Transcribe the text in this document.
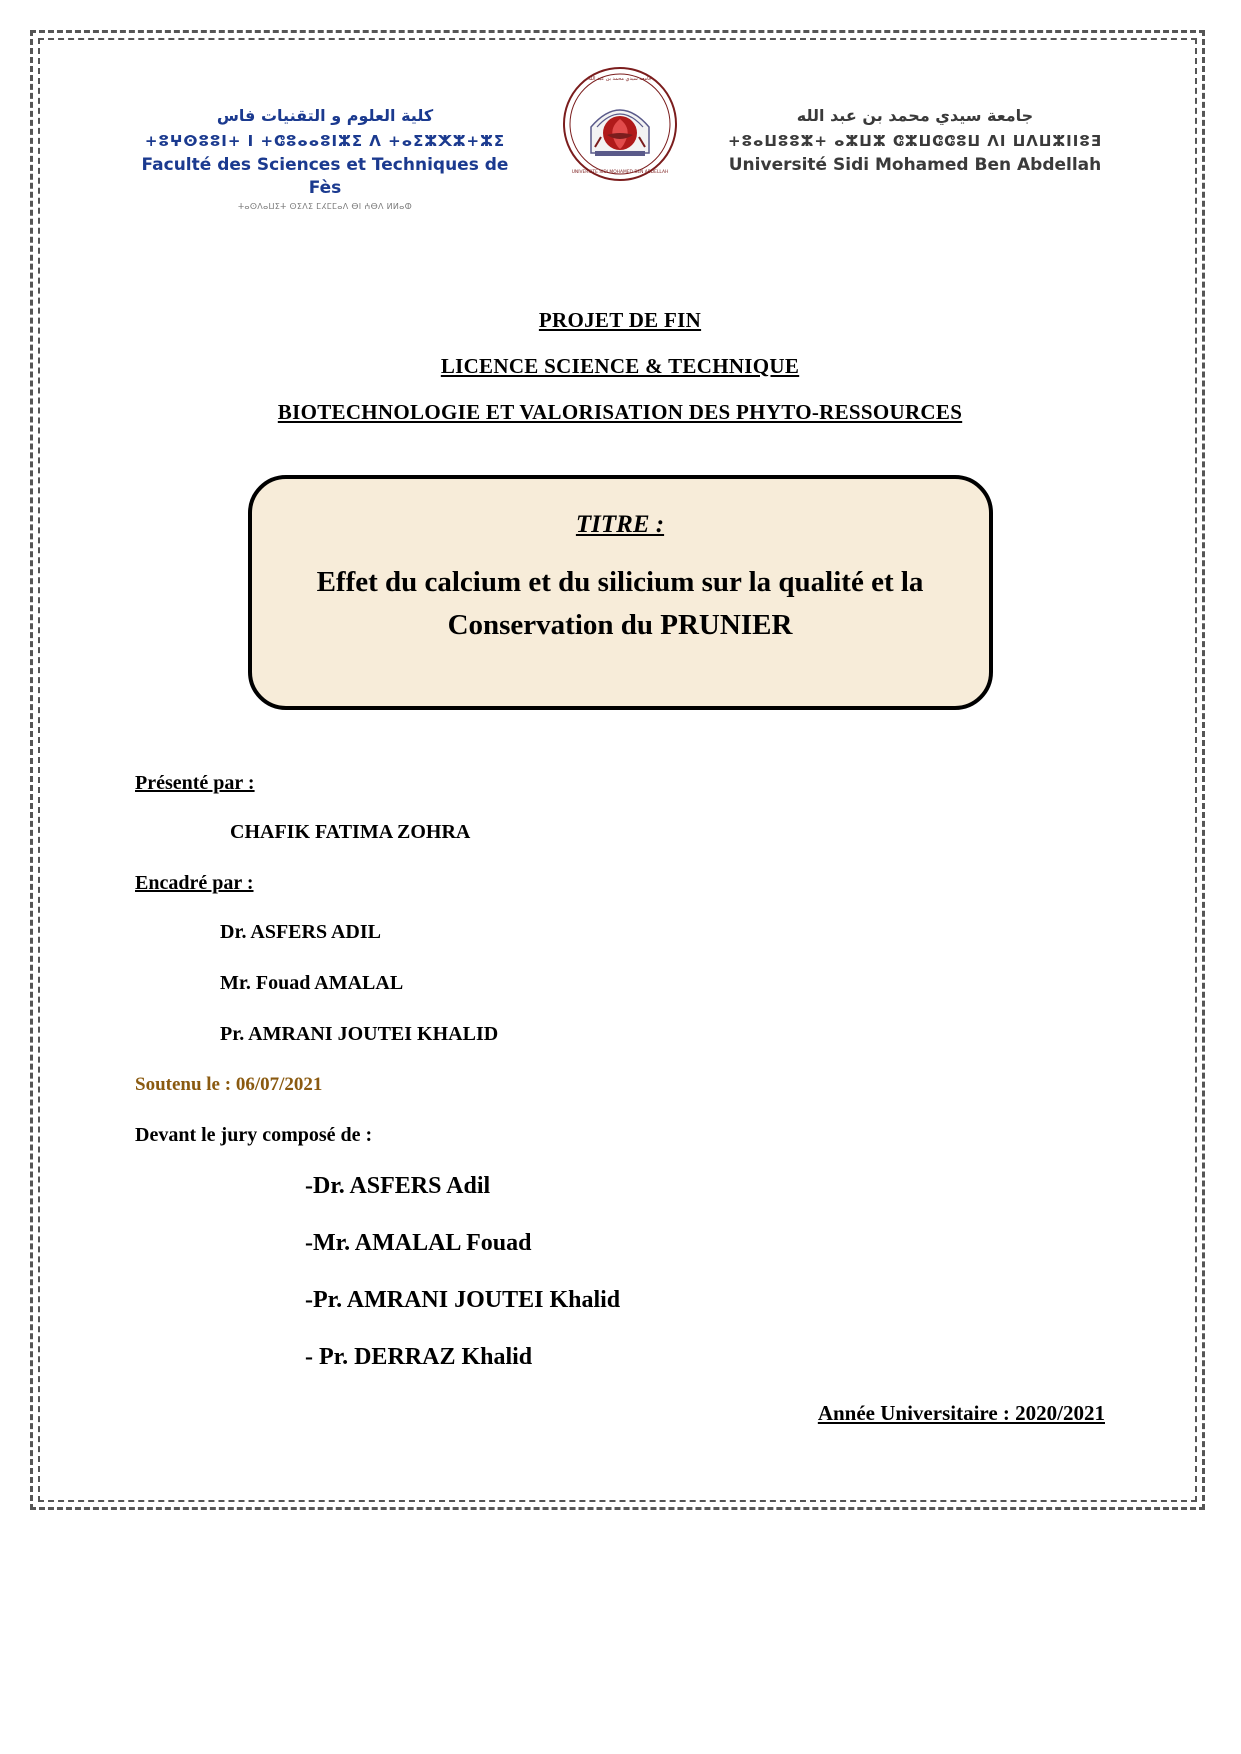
كلية العلوم و التقنيات فاس
+ⵓⵖⵙⵓⵓⵏ+ I +ⵛⵓⴰⴰⵓⵏⵣⵉ ⴷ +ⴰⵉⵣⵅⵣ+ⵣⵉ
Faculté des Sciences et Techniques de Fès
ⵜⴰⵙⴷⴰⵡⵉⵜ ⵙⵉⴷⵉ ⵎⵃⵎⵎⴰⴷ ⴱⵏ ⵄⴱⴷ ⵍⵍⴰⵀ
جامعة سيدي محمد بن عبد الله
UNIVERSITE SIDI MOHAMED BEN ABDELLAH
جامعة سيدي محمد بن عبد الله
+ⵓⴰⵡⵓⵓⵣ+ ⴰⵣⵡⵣ ⵛⵣⵡⵛⵛⵓⵡ ⴷI ⵡⴷⵡⵣⵏⵏⵓⴺ
Université Sidi Mohamed Ben Abdellah
PROJET DE FIN
LICENCE SCIENCE & TECHNIQUE
BIOTECHNOLOGIE ET VALORISATION DES PHYTO-RESSOURCES
TITRE :
Effet du calcium et du silicium sur la qualité et la Conservation du PRUNIER
Présenté par :
CHAFIK FATIMA ZOHRA
Encadré par :
Dr. ASFERS ADIL
Mr. Fouad AMALAL
Pr. AMRANI JOUTEI KHALID
Soutenu le : 06/07/2021
Devant le jury composé de :
-Dr. ASFERS Adil
-Mr. AMALAL Fouad
-Pr. AMRANI JOUTEI Khalid
- Pr. DERRAZ Khalid
Année Universitaire : 2020/2021
